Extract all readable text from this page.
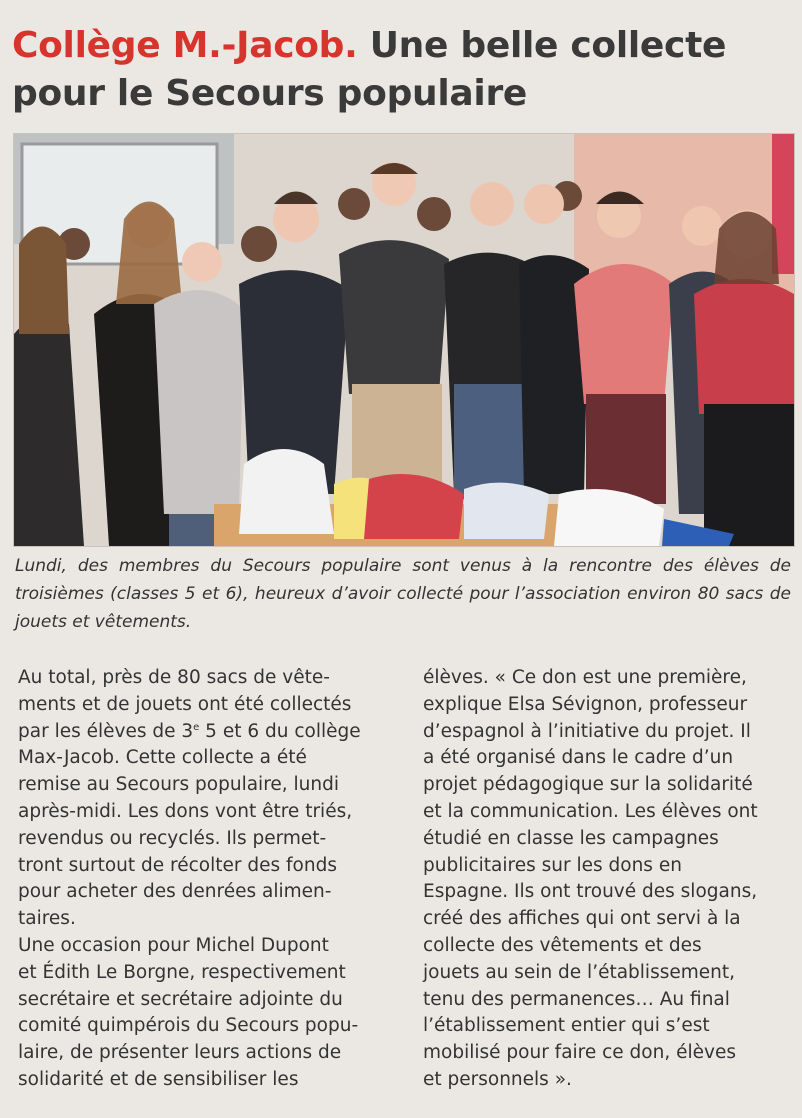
Collège M.-Jacob. Une belle collecte pour le Secours populaire
Lundi, des membres du Secours populaire sont venus à la rencontre des élèves de troisièmes (classes 5 et 6), heureux d’avoir collecté pour l’association environ 80 sacs de jouets et vêtements.

Au total, près de 80 sacs de vête-
ments et de jouets ont été collectés
par les élèves de 3e 5 et 6 du collège
Max-Jacob. Cette collecte a été
remise au Secours populaire, lundi
après-midi. Les dons vont être triés,
revendus ou recyclés. Ils permet-
tront surtout de récolter des fonds
pour acheter des denrées alimen-
taires.

Une occasion pour Michel Dupont
et Édith Le Borgne, respectivement
secrétaire et secrétaire adjointe du
comité quimpérois du Secours popu-
laire, de présenter leurs actions de
solidarité et de sensibiliser les

élèves. « Ce don est une première,
explique Elsa Sévignon, professeur
d’espagnol à l’initiative du projet. Il
a été organisé dans le cadre d’un
projet pédagogique sur la solidarité
et la communication. Les élèves ont
étudié en classe les campagnes
publicitaires sur les dons en
Espagne. Ils ont trouvé des slogans,
créé des affiches qui ont servi à la
collecte des vêtements et des
jouets au sein de l’établissement,
tenu des permanences… Au final
l’établissement entier qui s’est
mobilisé pour faire ce don, élèves
et personnels ».
